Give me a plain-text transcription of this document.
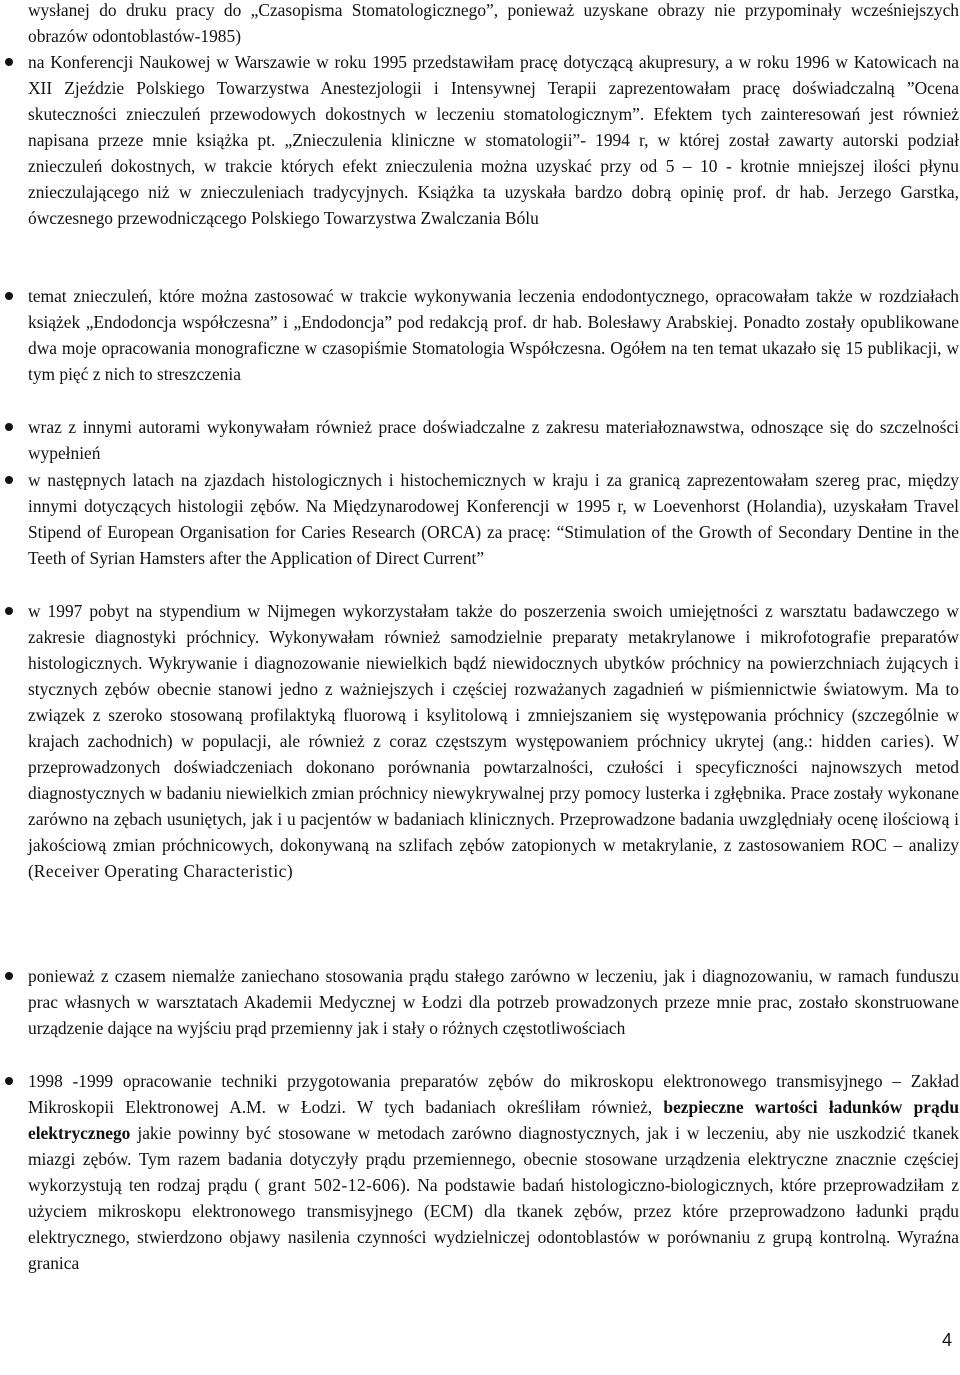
wysłanej do druku pracy do „Czasopisma Stomatologicznego”, ponieważ uzyskane obrazy nie przypominały wcześniejszych obrazów odontoblastów-1985)
na Konferencji Naukowej w Warszawie w roku 1995 przedstawiłam pracę dotyczącą akupresury, a w roku 1996 w Katowicach na XII Zjeździe Polskiego Towarzystwa Anestezjologii i Intensywnej Terapii zaprezentowałam pracę doświadczalną ”Ocena skuteczności znieczuleń przewodowych dokostnych w leczeniu stomatologicznym”. Efektem tych zainteresowań jest również napisana przeze mnie książka pt. „Znieczulenia kliniczne w stomatologii”- 1994 r, w której został zawarty autorski podział znieczuleń dokostnych, w trakcie których efekt znieczulenia można uzyskać przy od 5 – 10 - krotnie mniejszej ilości płynu znieczulającego niż w znieczuleniach tradycyjnych. Książka ta uzyskała bardzo dobrą opinię prof. dr hab. Jerzego Garstka, ówczesnego przewodniczącego Polskiego Towarzystwa Zwalczania Bólu
temat znieczuleń, które można zastosować w trakcie wykonywania leczenia endodontycznego, opracowałam także w rozdziałach książek „Endodoncja współczesna” i „Endodoncja” pod redakcją prof. dr hab. Bolesławy Arabskiej. Ponadto zostały opublikowane dwa moje opracowania monograficzne w czasopiśmie Stomatologia Współczesna. Ogółem na ten temat ukazało się 15 publikacji, w tym pięć z nich to streszczenia
wraz z innymi autorami wykonywałam również prace doświadczalne z zakresu materiałoznawstwa, odnoszące się do szczelności wypełnień
w następnych latach na zjazdach histologicznych i histochemicznych w kraju i za granicą zaprezentowałam szereg prac, między innymi dotyczących histologii zębów. Na Międzynarodowej Konferencji w 1995 r, w Loevenhorst (Holandia), uzyskałam Travel Stipend of European Organisation for Caries Research (ORCA) za pracę: “Stimulation of the Growth of Secondary Dentine in the Teeth of Syrian Hamsters after the Application of Direct Current”
w 1997 pobyt na stypendium w Nijmegen wykorzystałam także do poszerzenia swoich umiejętności z warsztatu badawczego w zakresie diagnostyki próchnicy. Wykonywałam również samodzielnie preparaty metakrylanowe i mikrofotografie preparatów histologicznych. Wykrywanie i diagnozowanie niewielkich bądź niewidocznych ubytków próchnicy na powierzchniach żujących i stycznych zębów obecnie stanowi jedno z ważniejszych i częściej rozważanych zagadnień w piśmiennictwie światowym. Ma to związek z szeroko stosowaną profilaktyką fluorową i ksylitolową i zmniejszaniem się występowania próchnicy (szczególnie w krajach zachodnich) w populacji, ale również z coraz częstszym występowaniem próchnicy ukrytej (ang.: hidden caries). W przeprowadzonych doświadczeniach dokonano porównania powtarzalności, czułości i specyficzności najnowszych metod diagnostycznych w badaniu niewielkich zmian próchnicy niewykrywalnej przy pomocy lusterka i zgłębnika. Prace zostały wykonane zarówno na zębach usuniętych, jak i u pacjentów w badaniach klinicznych. Przeprowadzone badania uwzględniały ocenę ilościową i jakościową zmian próchnicowych, dokonywaną na szlifach zębów zatopionych w metakrylanie, z zastosowaniem ROC – analizy (Receiver Operating Characteristic)
ponieważ z czasem niemalże zaniechano stosowania prądu stałego zarówno w leczeniu, jak i diagnozowaniu, w ramach funduszu prac własnych w warsztatach Akademii Medycznej w Łodzi dla potrzeb prowadzonych przeze mnie prac, zostało skonstruowane urządzenie dające na wyjściu prąd przemienny jak i stały o różnych częstotliwościach
1998 -1999 opracowanie techniki przygotowania preparatów zębów do mikroskopu elektronowego transmisyjnego – Zakład Mikroskopii Elektronowej A.M. w Łodzi. W tych badaniach określiłam również, bezpieczne wartości ładunków prądu elektrycznego jakie powinny być stosowane w metodach zarówno diagnostycznych, jak i w leczeniu, aby nie uszkodzić tkanek miazgi zębów. Tym razem badania dotyczyły prądu przemiennego, obecnie stosowane urządzenia elektryczne znacznie częściej wykorzystują ten rodzaj prądu ( grant 502-12-606). Na podstawie badań histologiczno-biologicznych, które przeprowadziłam z użyciem mikroskopu elektronowego transmisyjnego (ECM) dla tkanek zębów, przez które przeprowadzono ładunki prądu elektrycznego, stwierdzono objawy nasilenia czynności wydzielniczej odontoblastów w porównaniu z grupą kontrolną. Wyraźna granica
4
